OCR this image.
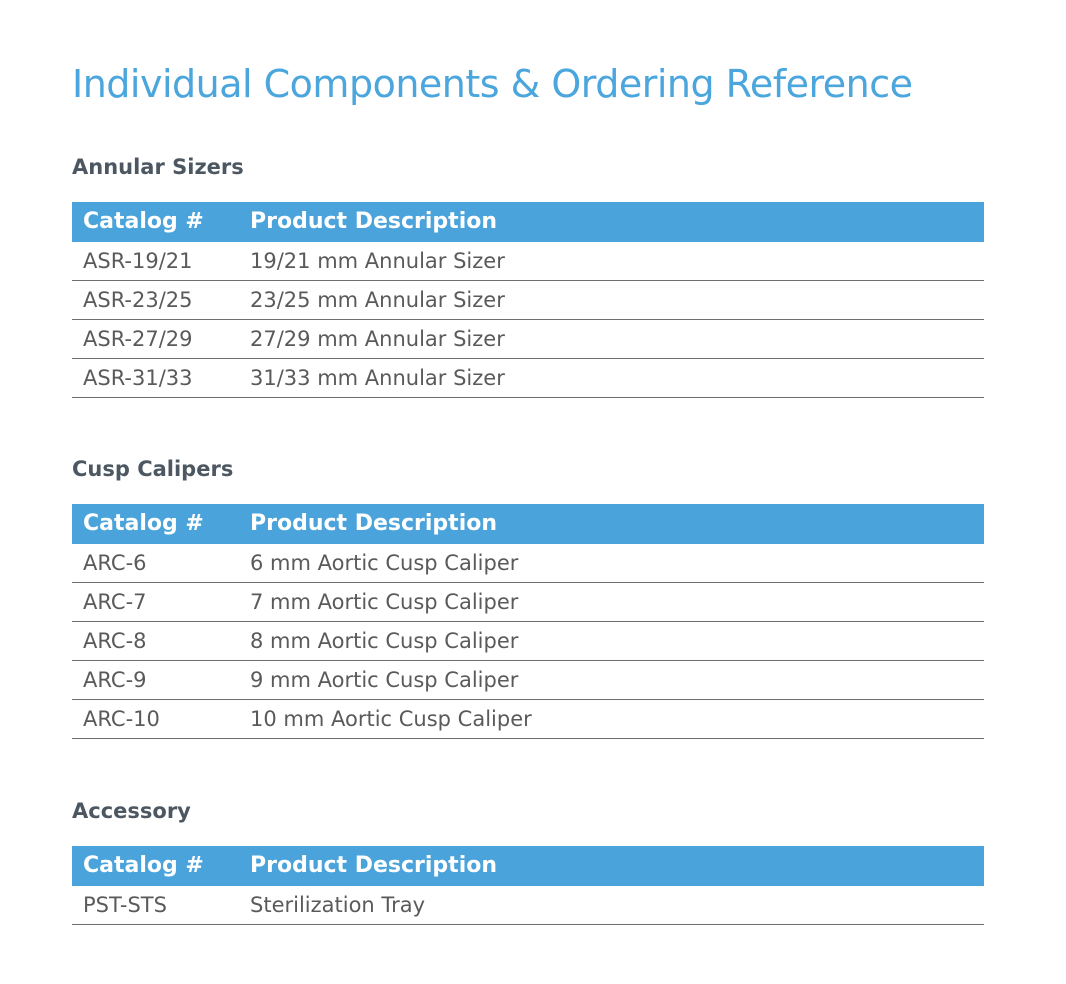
Individual Components & Ordering Reference
Annular Sizers
Catalog #	Product Description
ASR-19/21	19/21 mm Annular Sizer
ASR-23/25	23/25 mm Annular Sizer
ASR-27/29	27/29 mm Annular Sizer
ASR-31/33	31/33 mm Annular Sizer
Cusp Calipers
Catalog #	Product Description
ARC-6	6 mm Aortic Cusp Caliper
ARC-7	7 mm Aortic Cusp Caliper
ARC-8	8 mm Aortic Cusp Caliper
ARC-9	9 mm Aortic Cusp Caliper
ARC-10	10 mm Aortic Cusp Caliper
Accessory
Catalog #	Product Description
PST-STS	Sterilization Tray
